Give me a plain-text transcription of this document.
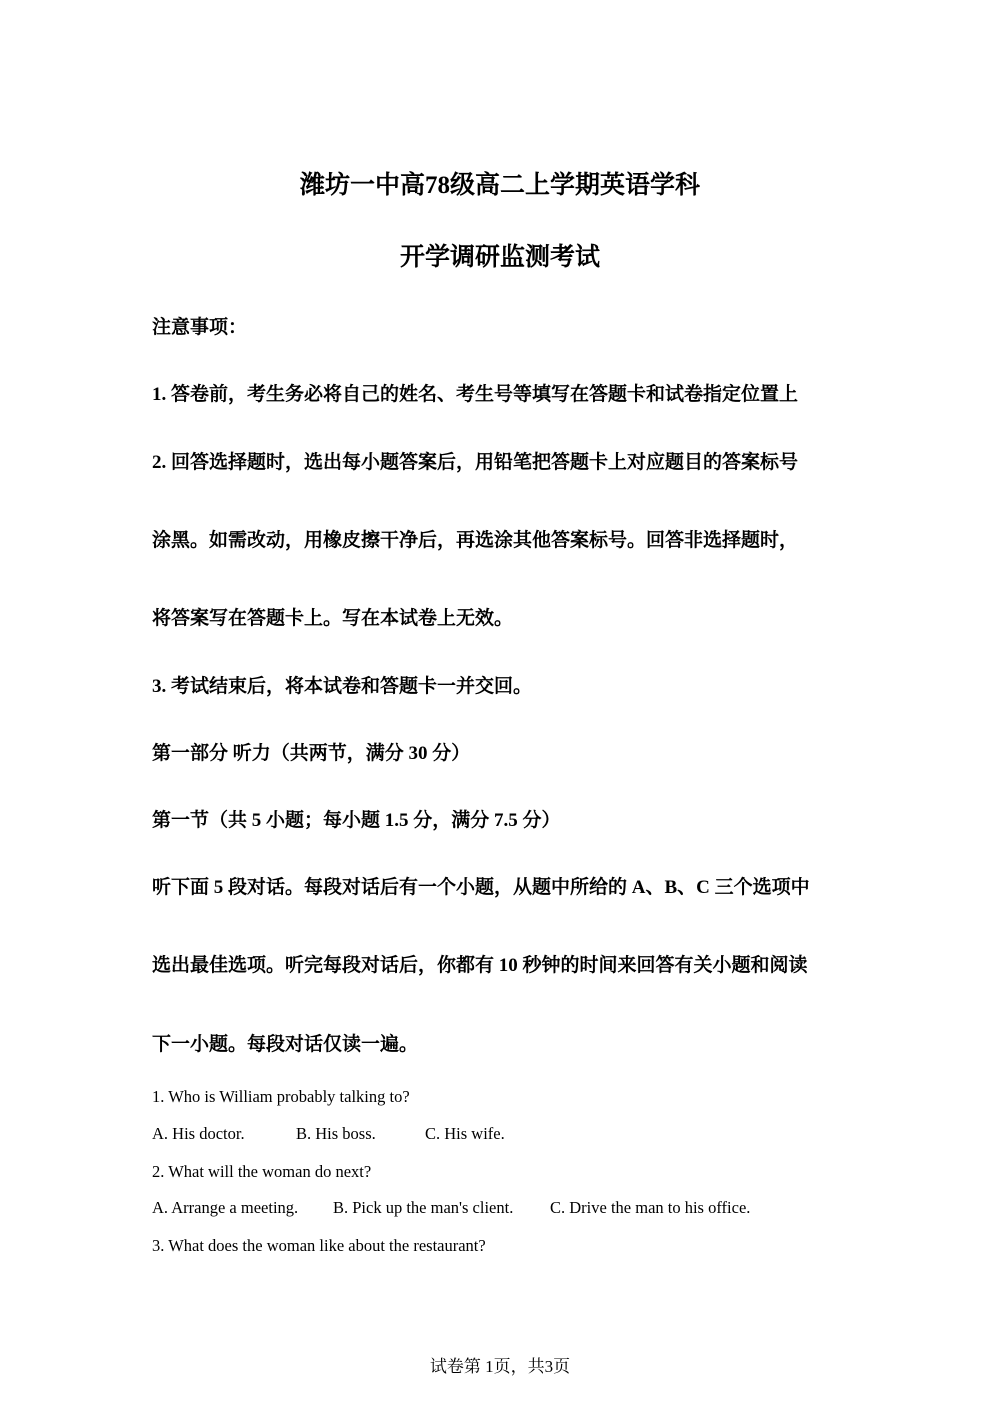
潍坊一中高78级高二上学期英语学科
开学调研监测考试
注意事项：
1. 答卷前，考生务必将自己的姓名、考生号等填写在答题卡和试卷指定位置上
2. 回答选择题时，选出每小题答案后，用铅笔把答题卡上对应题目的答案标号
涂黑。如需改动，用橡皮擦干净后，再选涂其他答案标号。回答非选择题时，
将答案写在答题卡上。写在本试卷上无效。
3. 考试结束后，将本试卷和答题卡一并交回。
第一部分 听力（共两节，满分 30 分）
第一节（共 5 小题；每小题 1.5 分，满分 7.5 分）
听下面 5 段对话。每段对话后有一个小题，从题中所给的 A、B、C 三个选项中
选出最佳选项。听完每段对话后，你都有 10 秒钟的时间来回答有关小题和阅读
下一小题。每段对话仅读一遍。
1. Who is William probably talking to?
A. His doctor.	B. His boss.	C. His wife.
2. What will the woman do next?
A. Arrange a meeting. B. Pick up the man's client. C. Drive the man to his office.
3. What does the woman like about the restaurant?
试卷第 1页，共3页
